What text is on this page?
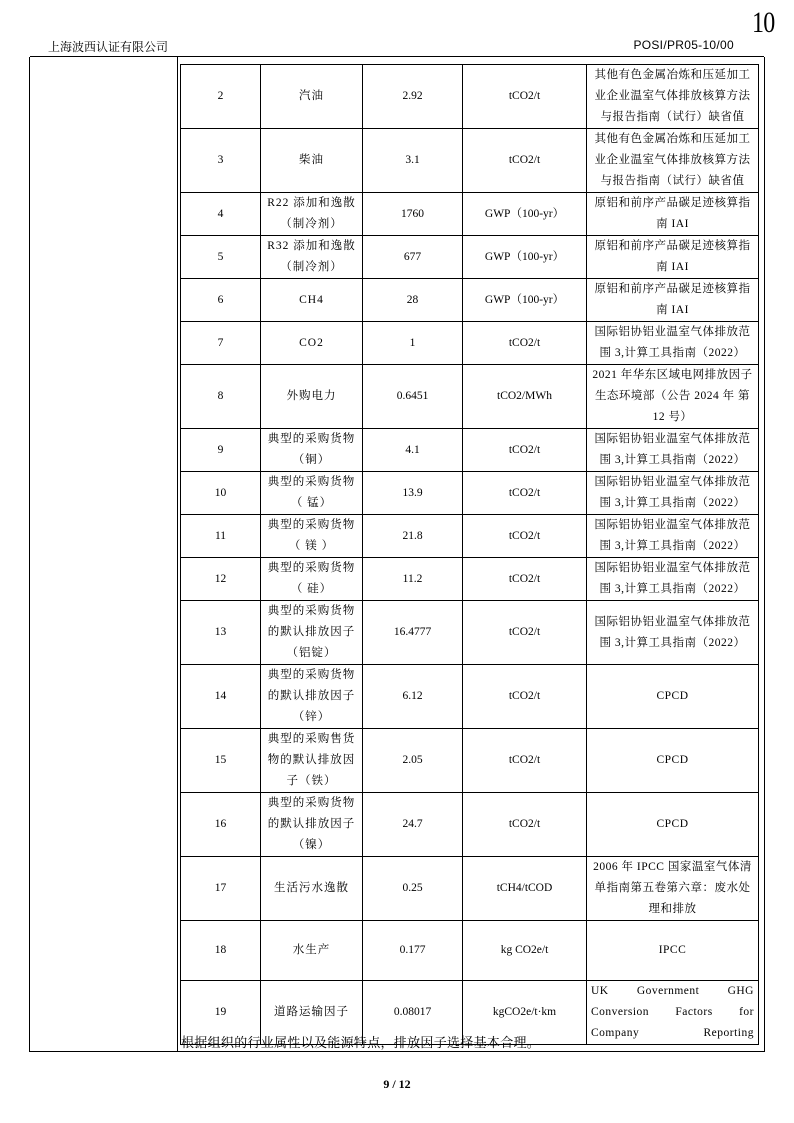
10
上海波西认证有限公司	POSI/PR05-10/00
2	汽油	2.92	tCO2/t	其他有色金属冶炼和压延加工业企业温室气体排放核算方法与报告指南（试行）缺省值
3	柴油	3.1	tCO2/t	其他有色金属冶炼和压延加工业企业温室气体排放核算方法与报告指南（试行）缺省值
4	R22 添加和逸散（制冷剂）	1760	GWP（100-yr）	原铝和前序产品碳足迹核算指南 IAI
5	R32 添加和逸散（制冷剂）	677	GWP（100-yr）	原铝和前序产品碳足迹核算指南 IAI
6	CH4	28	GWP（100-yr）	原铝和前序产品碳足迹核算指南 IAI
7	CO2	1	tCO2/t	国际铝协铝业温室气体排放范围 3,计算工具指南（2022）
8	外购电力	0.6451	tCO2/MWh	2021 年华东区域电网排放因子生态环境部（公告 2024 年 第 12 号）
9	典型的采购货物（铜）	4.1	tCO2/t	国际铝协铝业温室气体排放范围 3,计算工具指南（2022）
10	典型的采购货物（ 锰）	13.9	tCO2/t	国际铝协铝业温室气体排放范围 3,计算工具指南（2022）
11	典型的采购货物（ 镁 ）	21.8	tCO2/t	国际铝协铝业温室气体排放范围 3,计算工具指南（2022）
12	典型的采购货物（ 硅）	11.2	tCO2/t	国际铝协铝业温室气体排放范围 3,计算工具指南（2022）
13	典型的采购货物的默认排放因子（铝锭）	16.4777	tCO2/t	国际铝协铝业温室气体排放范围 3,计算工具指南（2022）
14	典型的采购货物的默认排放因子（锌）	6.12	tCO2/t	CPCD
15	典型的采购售货物的默认排放因子（铁）	2.05	tCO2/t	CPCD
16	典型的采购货物的默认排放因子（镍）	24.7	tCO2/t	CPCD
17	生活污水逸散	0.25	tCH4/tCOD	2006 年 IPCC 国家温室气体清单指南第五卷第六章：废水处理和排放
18	水生产	0.177	kg CO2e/t	IPCC
19	道路运输因子	0.08017	kgCO2e/t·km	UK Government GHG Conversion Factors for Company Reporting
根据组织的行业属性以及能源特点，排放因子选择基本合理。
9 / 12
